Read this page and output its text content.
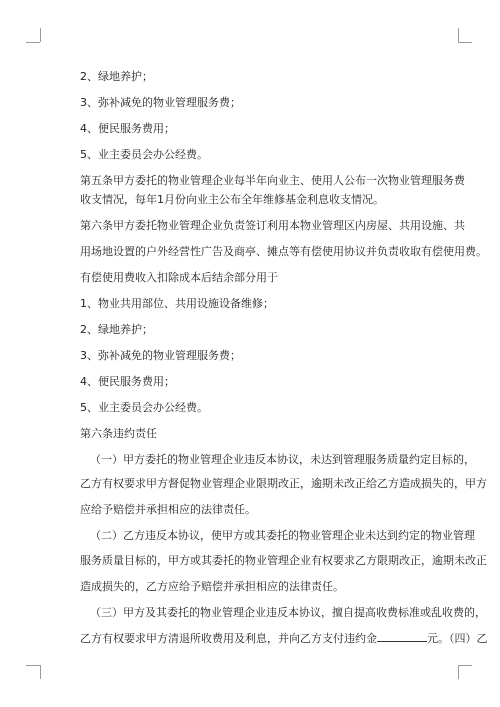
2、绿地养护；
3、弥补减免的物业管理服务费；
4、便民服务费用；
5、业主委员会办公经费。
第五条甲方委托的物业管理企业每半年向业主、使用人公布一次物业管理服务费
收支情况，每年1月份向业主公布全年维修基金利息收支情况。
第六条甲方委托物业管理企业负责签订利用本物业管理区内房屋、共用设施、共
用场地设置的户外经营性广告及商亭、摊点等有偿使用协议并负责收取有偿使用费。
有偿使用费收入扣除成本后结余部分用于
1、物业共用部位、共用设施设备维修；
2、绿地养护；
3、弥补减免的物业管理服务费；
4、便民服务费用；
5、业主委员会办公经费。
第六条违约责任
（一）甲方委托的物业管理企业违反本协议，未达到管理服务质量约定目标的，
乙方有权要求甲方督促物业管理企业限期改正，逾期未改正给乙方造成损失的，甲方
应给予赔偿并承担相应的法律责任。
（二）乙方违反本协议，使甲方或其委托的物业管理企业未达到约定的物业管理
服务质量目标的，甲方或其委托的物业管理企业有权要求乙方限期改正，逾期未改正
造成损失的，乙方应给予赔偿并承担相应的法律责任。
（三）甲方及其委托的物业管理企业违反本协议，擅自提高收费标准或乱收费的，
乙方有权要求甲方清退所收费用及利息，并向乙方支付违约金	元。（四）乙
